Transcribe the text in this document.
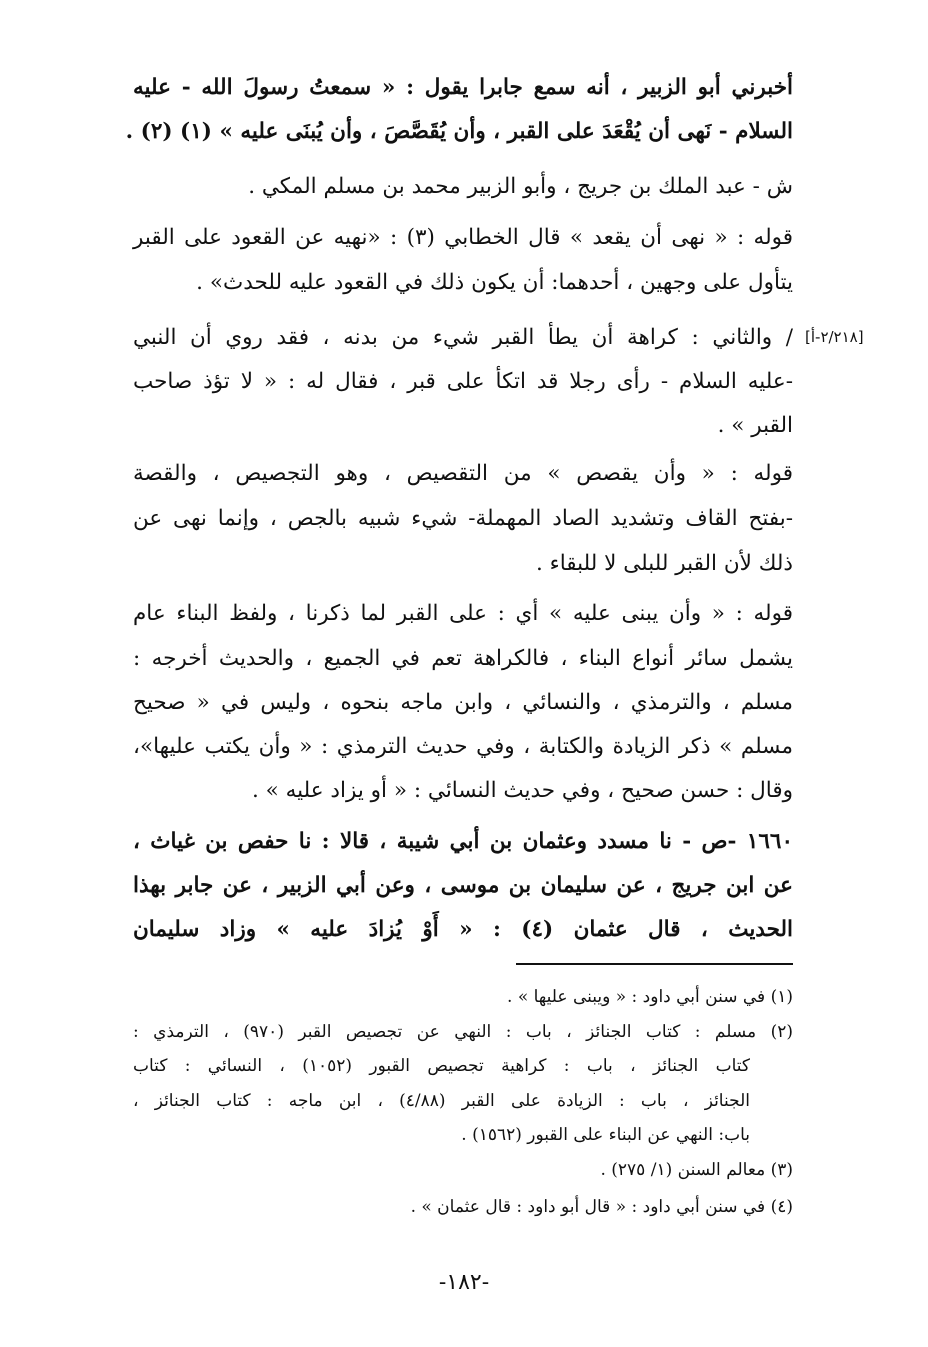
أخبرني أبو الزبير ، أنه سمع جابرا يقول : « سمعتُ رسولَ الله - عليه
السلام - نَهى أن يُقْعَدَ على القبر ، وأن يُقَصَّصَ ، وأن يُبنَى عليه » (١) (٢) .
ش - عبد الملك بن جريج ، وأبو الزبير محمد بن مسلم المكي .
قوله : « نهى أن يقعد » قال الخطابي (٣) : «نهيه عن القعود على القبر
يتأول على وجهين ، أحدهما: أن يكون ذلك في القعود عليه للحدث» .
[٢/٢١٨-أ]
/ والثاني : كراهة أن يطأ القبر شيء من بدنه ، فقد روي أن النبي
-عليه السلام - رأى رجلا قد اتكأ على قبر ، فقال له : « لا تؤذ صاحب
القبر » .
قوله : « وأن يقصص » من التقصيص ، وهو التجصيص ، والقصة
-بفتح القاف وتشديد الصاد المهملة- شيء شبيه بالجص ، وإنما نهى عن
ذلك لأن القبر للبلى لا للبقاء .
قوله : « وأن يبنى عليه » أي : على القبر لما ذكرنا ، ولفظ البناء عام
يشمل سائر أنواع البناء ، فالكراهة تعم في الجميع ، والحديث أخرجه :
مسلم ، والترمذي ، والنسائي ، وابن ماجه بنحوه ، وليس في « صحيح
مسلم » ذكر الزيادة والكتابة ، وفي حديث الترمذي : « وأن يكتب عليها»،
وقال : حسن صحيح ، وفي حديث النسائي : « أو يزاد عليه » .
١٦٦٠ -ص - نا مسدد وعثمان بن أبي شيبة ، قالا : نا حفص بن غياث ،
عن ابن جريج ، عن سليمان بن موسى ، وعن أبي الزبير ، عن جابر بهذا
الحديث ، قال عثمان (٤) : « أَوْ يُزادَ عليه » وزاد سليمان
(١) في سنن أبي داود : « ويبنى عليها » .
(٢) مسلم : كتاب الجنائز ، باب : النهي عن تجصيص القبر (٩٧٠) ، الترمذي :
كتاب الجنائز ، باب : كراهية تجصيص القبور (١٠٥٢) ، النسائي : كتاب
الجنائز ، باب : الزيادة على القبر (٤/٨٨) ، ابن ماجه : كتاب الجنائز ،
باب: النهي عن البناء على القبور (١٥٦٢) .
(٣) معالم السنن (١/ ٢٧٥) .
(٤) في سنن أبي داود : « قال أبو داود : قال عثمان » .
-١٨٢-
